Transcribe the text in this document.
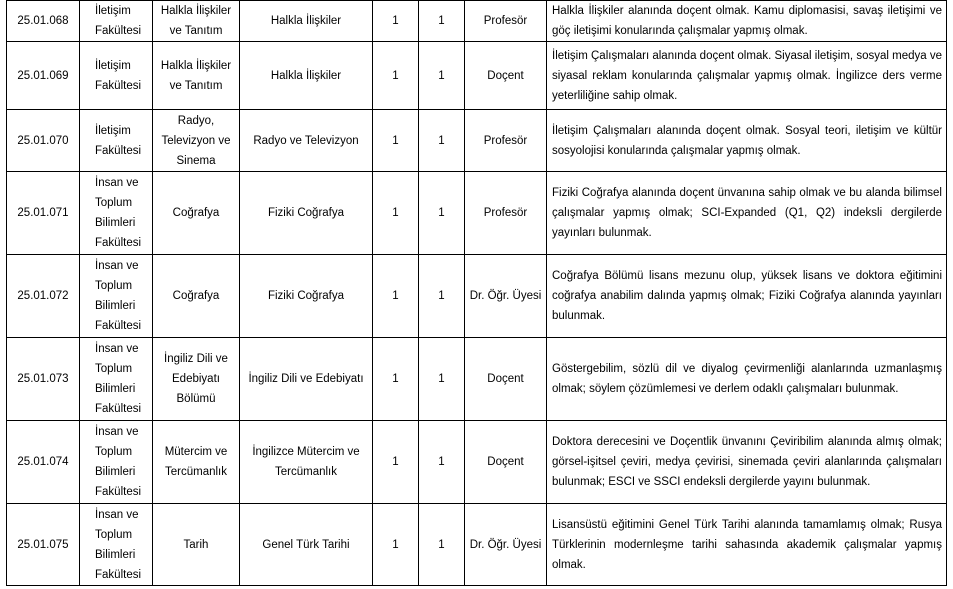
25.01.068	İletişim Fakültesi	Halkla İlişkiler ve Tanıtım	Halkla İlişkiler	1	1	Profesör	Halkla İlişkiler alanında doçent olmak. Kamu diplomasisi, savaş iletişimi ve göç iletişimi konularında çalışmalar yapmış olmak.
25.01.069	İletişim Fakültesi	Halkla İlişkiler ve Tanıtım	Halkla İlişkiler	1	1	Doçent	İletişim Çalışmaları alanında doçent olmak. Siyasal iletişim, sosyal medya ve siyasal reklam konularında çalışmalar yapmış olmak. İngilizce ders verme yeterliliğine sahip olmak.
25.01.070	İletişim Fakültesi	Radyo, Televizyon ve Sinema	Radyo ve Televizyon	1	1	Profesör	İletişim Çalışmaları alanında doçent olmak. Sosyal teori, iletişim ve kültür sosyolojisi konularında çalışmalar yapmış olmak.
25.01.071	İnsan ve Toplum Bilimleri Fakültesi	Coğrafya	Fiziki Coğrafya	1	1	Profesör	Fiziki Coğrafya alanında doçent ünvanına sahip olmak ve bu alanda bilimsel çalışmalar yapmış olmak; SCI-Expanded (Q1, Q2) indeksli dergilerde yayınları bulunmak.
25.01.072	İnsan ve Toplum Bilimleri Fakültesi	Coğrafya	Fiziki Coğrafya	1	1	Dr. Öğr. Üyesi	Coğrafya Bölümü lisans mezunu olup, yüksek lisans ve doktora eğitimini coğrafya anabilim dalında yapmış olmak; Fiziki Coğrafya alanında yayınları bulunmak.
25.01.073	İnsan ve Toplum Bilimleri Fakültesi	İngiliz Dili ve Edebiyatı Bölümü	İngiliz Dili ve Edebiyatı	1	1	Doçent	Göstergebilim, sözlü dil ve diyalog çevirmenliği alanlarında uzmanlaşmış olmak; söylem çözümlemesi ve derlem odaklı çalışmaları bulunmak.
25.01.074	İnsan ve Toplum Bilimleri Fakültesi	Mütercim ve Tercümanlık	İngilizce Mütercim ve Tercümanlık	1	1	Doçent	Doktora derecesini ve Doçentlik ünvanını Çeviribilim alanında almış olmak; görsel-işitsel çeviri, medya çevirisi, sinemada çeviri alanlarında çalışmaları bulunmak; ESCI ve SSCI endeksli dergilerde yayını bulunmak.
25.01.075	İnsan ve Toplum Bilimleri Fakültesi	Tarih	Genel Türk Tarihi	1	1	Dr. Öğr. Üyesi	Lisansüstü eğitimini Genel Türk Tarihi alanında tamamlamış olmak; Rusya Türklerinin modernleşme tarihi sahasında akademik çalışmalar yapmış olmak.
